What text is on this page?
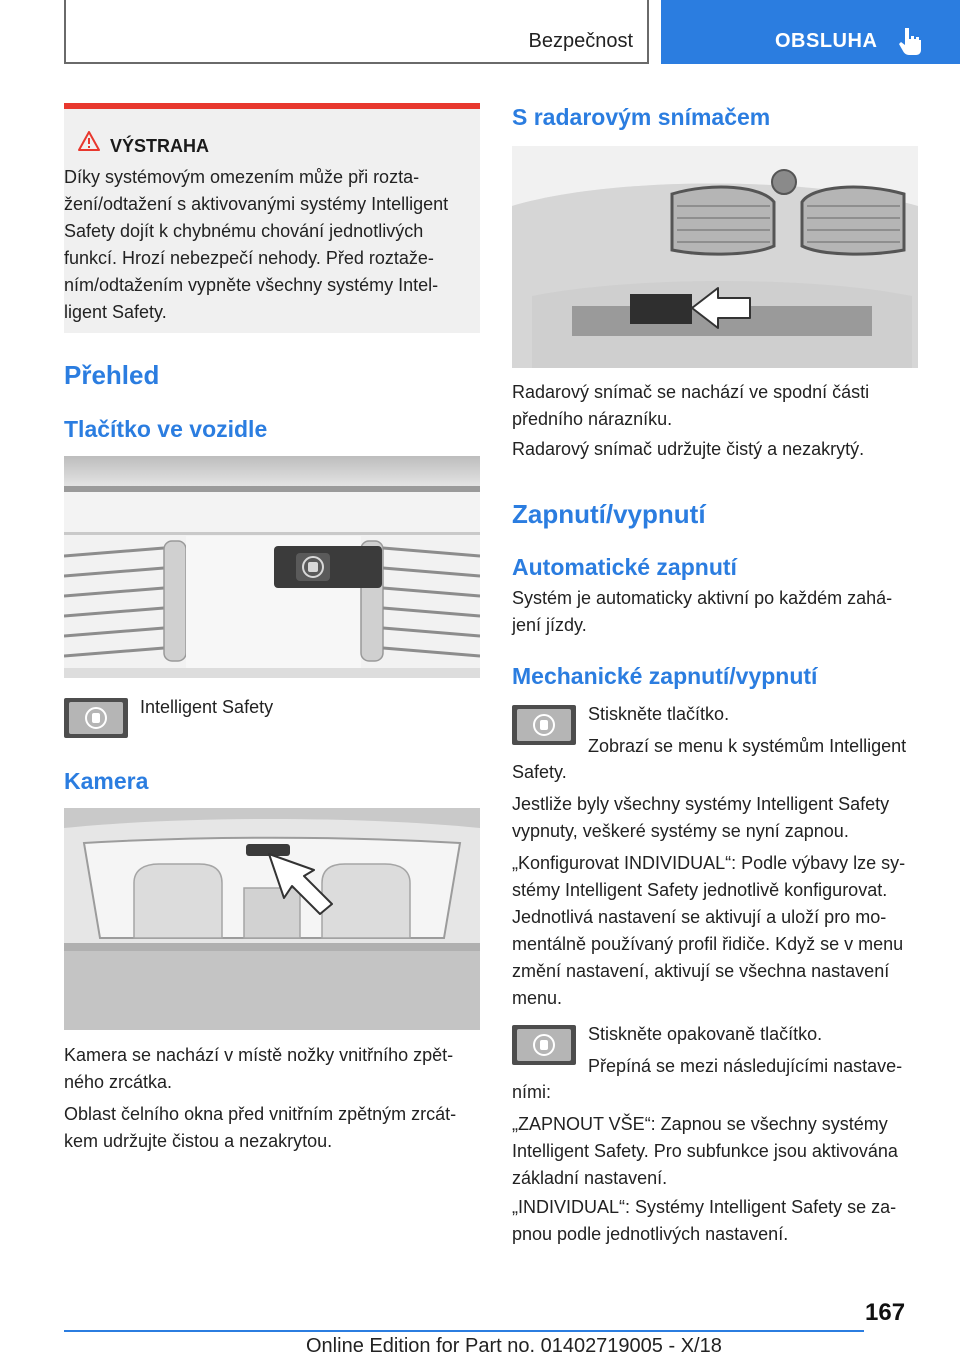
Bezpečnost	OBSLUHA
VÝSTRAHA
Díky systémovým omezením může při rozta-
žení/odtažení s aktivovanými systémy Intelligent
Safety dojít k chybnému chování jednotlivých
funkcí. Hrozí nebezpečí nehody. Před roztaže-
ním/odtažením vypněte všechny systémy Intel-
ligent Safety.
Přehled
Tlačítko ve vozidle
Intelligent Safety
Kamera
Kamera se nachází v místě nožky vnitřního zpět-
ného zrcátka.
Oblast čelního okna před vnitřním zpětným zrcát-
kem udržujte čistou a nezakrytou.
S radarovým snímačem
Radarový snímač se nachází ve spodní části
předního nárazníku.
Radarový snímač udržujte čistý a nezakrytý.
Zapnutí/vypnutí
Automatické zapnutí
Systém je automaticky aktivní po každém zahá-
jení jízdy.
Mechanické zapnutí/vypnutí
Stiskněte tlačítko.
Zobrazí se menu k systémům Intelligent
Safety.
Jestliže byly všechny systémy Intelligent Safety
vypnuty, veškeré systémy se nyní zapnou.
„Konfigurovat INDIVIDUAL“: Podle výbavy lze sy-
stémy Intelligent Safety jednotlivě konfigurovat.
Jednotlivá nastavení se aktivují a uloží pro mo-
mentálně používaný profil řidiče. Když se v menu
změní nastavení, aktivují se všechna nastavení
menu.
Stiskněte opakovaně tlačítko.
Přepíná se mezi následujícími nastave-
ními:
„ZAPNOUT VŠE“: Zapnou se všechny systémy
Intelligent Safety. Pro subfunkce jsou aktivována
základní nastavení.
„INDIVIDUAL“: Systémy Intelligent Safety se za-
pnou podle jednotlivých nastavení.
167
Online Edition for Part no. 01402719005 - X/18
